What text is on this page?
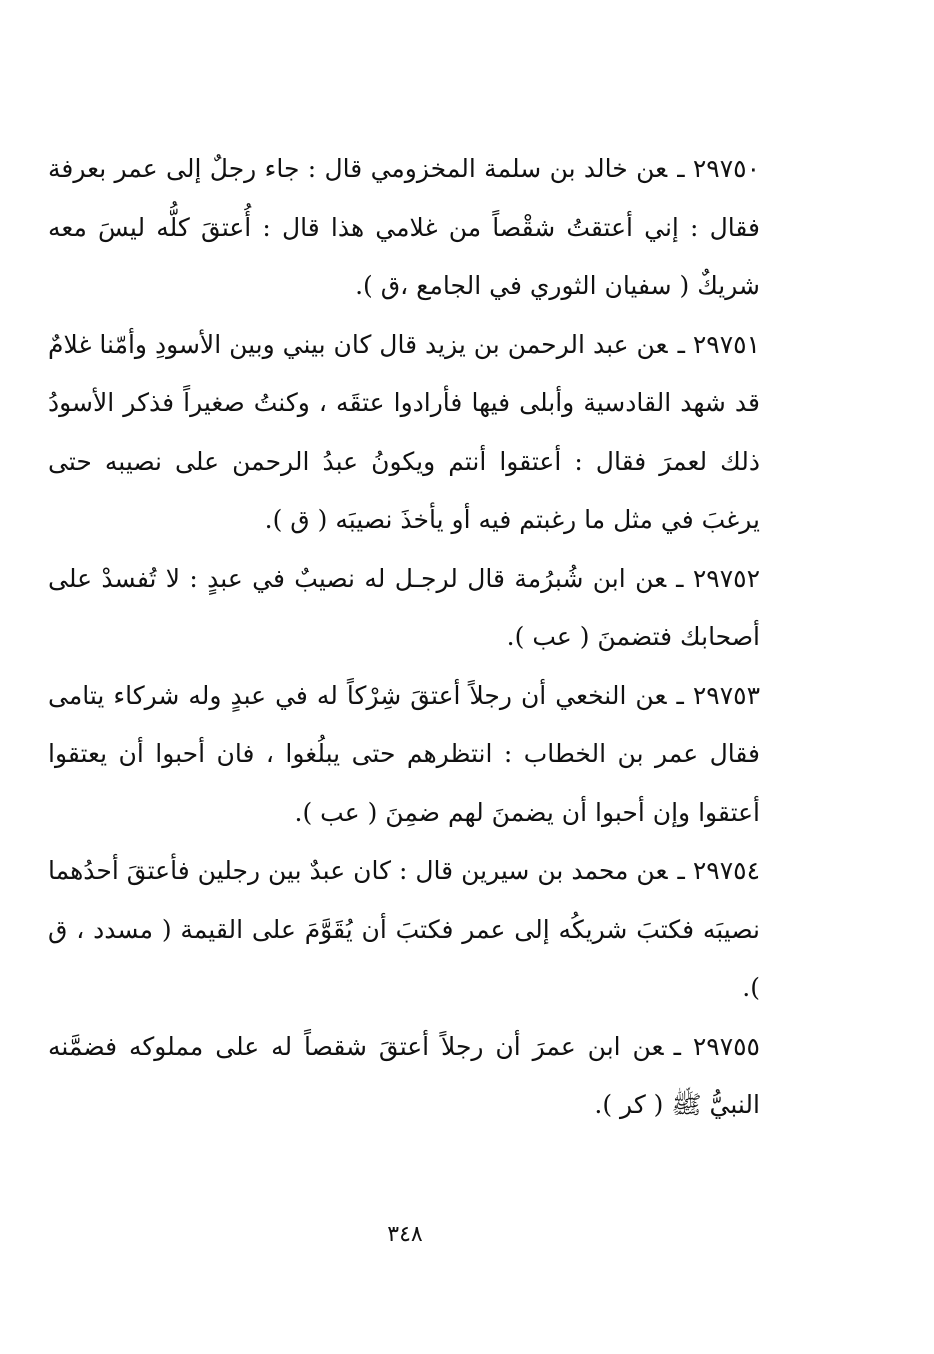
٢٩٧٥٠ ـعن خالد بن سلمة المخزومي قال : جاء رجلٌ إلى عمر بعرفة فقال : إني أعتقتُ شقْصاً من غلامي هذا قال : أُعتقَ كلُّه ليسَ معه شريكٌ ( سفيان الثوري في الجامع ،ق ).

٢٩٧٥١ ـعن عبد الرحمن بن يزيد قال كان بيني وبين الأسودِ وأمّنا غلامٌ قد شهد القادسية وأبلى فيها فأرادوا عتقَه ، وكنتُ صغيراً فذكر الأسودُ ذلك لعمرَ فقال : أعتقوا أنتم ويكونُ عبدُ الرحمن على نصيبه حتى يرغبَ في مثل ما رغبتم فيه أو يأخذَ نصيبَه ( ق ).

٢٩٧٥٢ ـعن ابن شُبرُمة قال لرجـل له نصيبٌ في عبدٍ : لا تُفسدْ على أصحابك فتضمنَ ( عب ).

٢٩٧٥٣ ـعن النخعي أن رجلاً أعتقَ شِرْكاً له في عبدٍ وله شركاء يتامى فقال عمر بن الخطاب : انتظرهم حتى يبلُغوا ، فان أحبوا أن يعتقوا أعتقوا وإن أحبوا أن يضمنَ لهم ضمِنَ ( عب ).

٢٩٧٥٤ ـعن محمد بن سيرين قال : كان عبدٌ بين رجلين فأعتقَ أحدُهما نصيبَه فكتبَ شريكُه إلى عمر فكتبَ أن يُقَوَّمَ على القيمة ( مسدد ، ق ).

٢٩٧٥٥ ـعن ابن عمرَ أن رجلاً أعتقَ شقصاً له على مملوكه فضمَّنه النبيُّ ﷺ ( كر ).

٣٤٨
